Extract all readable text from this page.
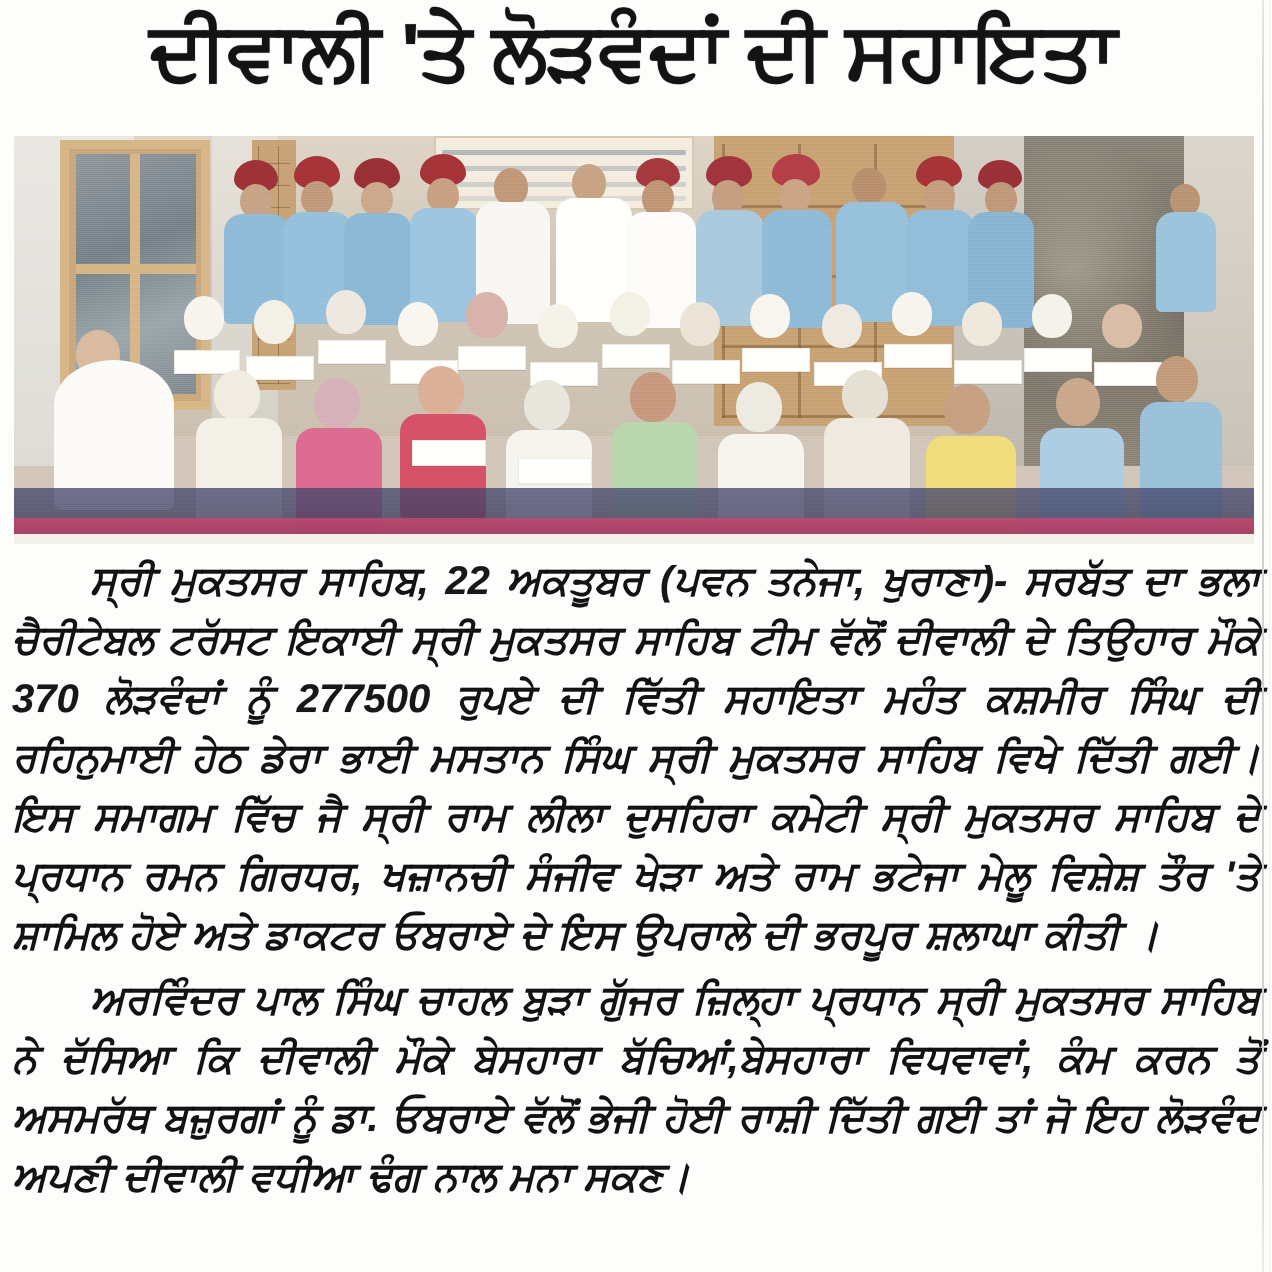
ਦੀਵਾਲੀ 'ਤੇ ਲੋੜਵੰਦਾਂ ਦੀ ਸਹਾਇਤਾ

ਸ੍ਰੀ ਮੁਕਤਸਰ ਸਾਹਿਬ, 22 ਅਕਤੂਬਰ (ਪਵਨ ਤਨੇਜਾ, ਖੁਰਾਣਾ)- ਸਰਬੱਤ ਦਾ ਭਲਾ ਚੈਰੀਟੇਬਲ ਟਰੱਸਟ ਇਕਾਈ ਸ੍ਰੀ ਮੁਕਤਸਰ ਸਾਹਿਬ ਟੀਮ ਵੱਲੋਂ ਦੀਵਾਲੀ ਦੇ ਤਿਉਹਾਰ ਮੌਕੇ 370 ਲੋੜਵੰਦਾਂ ਨੂੰ 277500 ਰੁਪਏ ਦੀ ਵਿੱਤੀ ਸਹਾਇਤਾ ਮਹੰਤ ਕਸ਼ਮੀਰ ਸਿੰਘ ਦੀ ਰਹਿਨੁਮਾਈ ਹੇਠ ਡੇਰਾ ਭਾਈ ਮਸਤਾਨ ਸਿੰਘ ਸ੍ਰੀ ਮੁਕਤਸਰ ਸਾਹਿਬ ਵਿਖੇ ਦਿੱਤੀ ਗਈ। ਇਸ ਸਮਾਗਮ ਵਿੱਚ ਜੈ ਸ੍ਰੀ ਰਾਮ ਲੀਲਾ ਦੁਸਹਿਰਾ ਕਮੇਟੀ ਸ੍ਰੀ ਮੁਕਤਸਰ ਸਾਹਿਬ ਦੇ ਪ੍ਰਧਾਨ ਰਮਨ ਗਿਰਧਰ, ਖਜ਼ਾਨਚੀ ਸੰਜੀਵ ਖੇੜਾ ਅਤੇ ਰਾਮ ਭਟੇਜਾ ਮੇਲੂ ਵਿਸ਼ੇਸ਼ ਤੌਰ 'ਤੇ ਸ਼ਾਮਿਲ ਹੋਏ ਅਤੇ ਡਾਕਟਰ ਓਬਰਾਏ ਦੇ ਇਸ ਉਪਰਾਲੇ ਦੀ ਭਰਪੂਰ ਸ਼ਲਾਘਾ ਕੀਤੀ ।

ਅਰਵਿੰਦਰ ਪਾਲ ਸਿੰਘ ਚਾਹਲ ਬੁੜਾ ਗੁੱਜਰ ਜ਼ਿਲ੍ਹਾ ਪ੍ਰਧਾਨ ਸ੍ਰੀ ਮੁਕਤਸਰ ਸਾਹਿਬ ਨੇ ਦੱਸਿਆ ਕਿ ਦੀਵਾਲੀ ਮੌਕੇ ਬੇਸਹਾਰਾ ਬੱਚਿਆਂ,ਬੇਸਹਾਰਾ ਵਿਧਵਾਵਾਂ, ਕੰਮ ਕਰਨ ਤੋਂ ਅਸਮਰੱਥ ਬਜ਼ੁਰਗਾਂ ਨੂੰ ਡਾ. ਓਬਰਾਏ ਵੱਲੋਂ ਭੇਜੀ ਹੋਈ ਰਾਸ਼ੀ ਦਿੱਤੀ ਗਈ ਤਾਂ ਜੋ ਇਹ ਲੋੜਵੰਦ ਅਪਣੀ ਦੀਵਾਲੀ ਵਧੀਆ ਢੰਗ ਨਾਲ ਮਨਾ ਸਕਣ।
